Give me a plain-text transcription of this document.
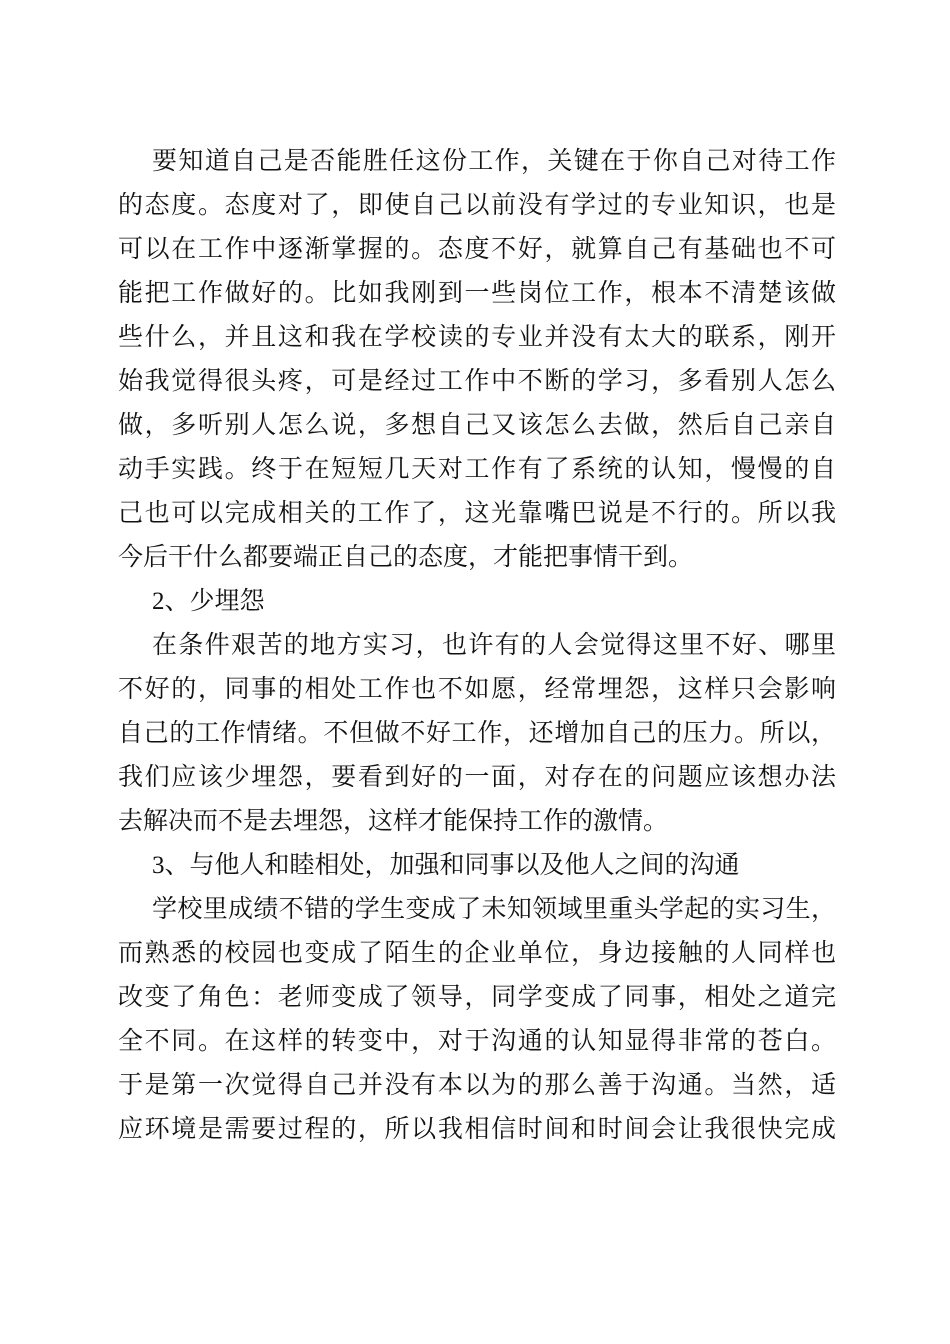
要知道自己是否能胜任这份工作，关键在于你自己对待工作
的态度。态度对了，即使自己以前没有学过的专业知识，也是
可以在工作中逐渐掌握的。态度不好，就算自己有基础也不可
能把工作做好的。比如我刚到一些岗位工作，根本不清楚该做
些什么，并且这和我在学校读的专业并没有太大的联系，刚开
始我觉得很头疼，可是经过工作中不断的学习，多看别人怎么
做，多听别人怎么说，多想自己又该怎么去做，然后自己亲自
动手实践。终于在短短几天对工作有了系统的认知，慢慢的自
己也可以完成相关的工作了，这光靠嘴巴说是不行的。所以我
今后干什么都要端正自己的态度，才能把事情干到。
2、少埋怨
在条件艰苦的地方实习，也许有的人会觉得这里不好、哪里
不好的，同事的相处工作也不如愿，经常埋怨，这样只会影响
自己的工作情绪。不但做不好工作，还增加自己的压力。所以，
我们应该少埋怨，要看到好的一面，对存在的问题应该想办法
去解决而不是去埋怨，这样才能保持工作的激情。
3、与他人和睦相处，加强和同事以及他人之间的沟通
学校里成绩不错的学生变成了未知领域里重头学起的实习生，
而熟悉的校园也变成了陌生的企业单位，身边接触的人同样也
改变了角色：老师变成了领导，同学变成了同事，相处之道完
全不同。在这样的转变中，对于沟通的认知显得非常的苍白。
于是第一次觉得自己并没有本以为的那么善于沟通。当然，适
应环境是需要过程的，所以我相信时间和时间会让我很快完成
